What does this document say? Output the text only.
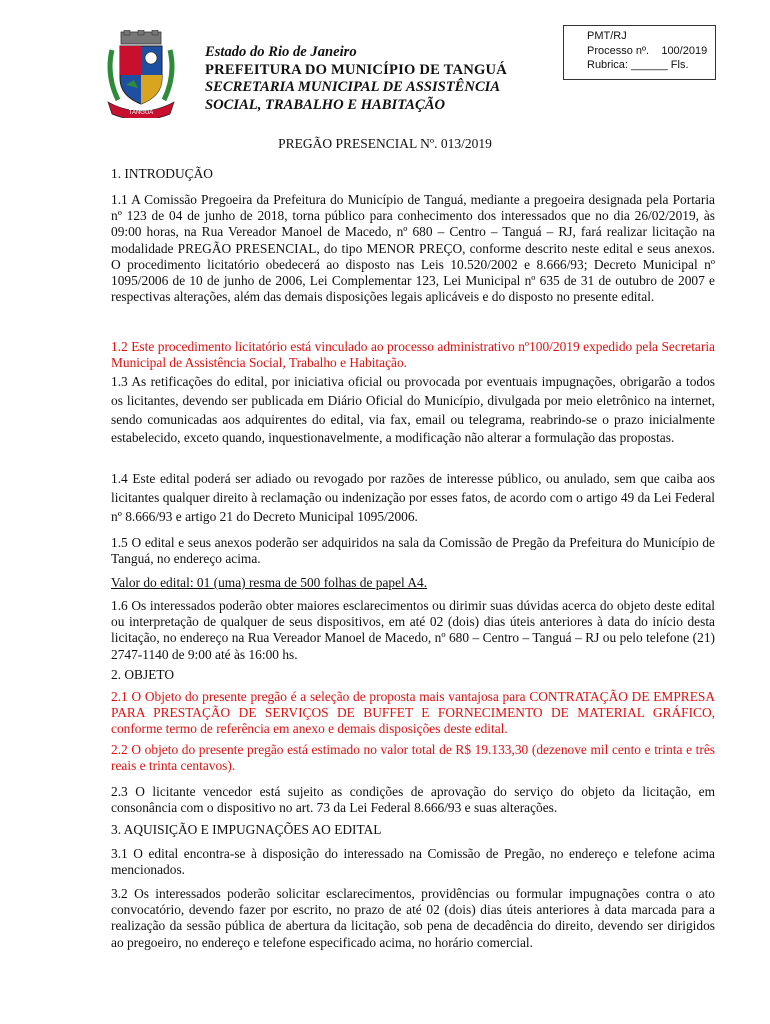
TANGUÁ
Estado do Rio de Janeiro
PREFEITURA DO MUNICÍPIO DE TANGUÁ
SECRETARIA MUNICIPAL DE ASSISTÊNCIA
SOCIAL, TRABALHO E HABITAÇÃO
PMT/RJ
Processo nº.    100/2019
Rubrica: ______ Fls.
PREGÃO PRESENCIAL Nº. 013/2019
1. INTRODUÇÃO
1.1 A Comissão Pregoeira da Prefeitura do Município de Tanguá, mediante a pregoeira designada pela Portaria nº 123 de 04 de junho de 2018, torna público para conhecimento dos interessados que no dia 26/02/2019, às 09:00 horas, na Rua Vereador Manoel de Macedo, nº 680 – Centro – Tanguá – RJ, fará realizar licitação na modalidade PREGÃO PRESENCIAL, do tipo MENOR PREÇO, conforme descrito neste edital e seus anexos. O procedimento licitatório obedecerá ao disposto nas Leis 10.520/2002 e 8.666/93; Decreto Municipal nº 1095/2006 de 10 de junho de 2006, Lei Complementar 123, Lei Municipal nº 635 de 31 de outubro de 2007 e respectivas alterações, além das demais disposições legais aplicáveis e do disposto no presente edital.
1.2 Este procedimento licitatório está vinculado ao processo administrativo nº100/2019 expedido pela Secretaria Municipal de Assistência Social, Trabalho e Habitação.
1.3 As retificações do edital, por iniciativa oficial ou provocada por eventuais impugnações, obrigarão a todos os licitantes, devendo ser publicada em Diário Oficial do Município, divulgada por meio eletrônico na internet, sendo comunicadas aos adquirentes do edital, via fax, email ou telegrama, reabrindo-se o prazo inicialmente estabelecido, exceto quando, inquestionavelmente, a modificação não alterar a formulação das propostas.
1.4 Este edital poderá ser adiado ou revogado por razões de interesse público, ou anulado, sem que caiba aos licitantes qualquer direito à reclamação ou indenização por esses fatos, de acordo com o artigo 49 da Lei Federal nº 8.666/93 e artigo 21 do Decreto Municipal 1095/2006.
1.5 O edital e seus anexos poderão ser adquiridos na sala da Comissão de Pregão da Prefeitura do Município de Tanguá, no endereço acima.
Valor do edital: 01 (uma) resma de 500 folhas de papel A4.
1.6 Os interessados poderão obter maiores esclarecimentos ou dirimir suas dúvidas acerca do objeto deste edital ou interpretação de qualquer de seus dispositivos, em até 02 (dois) dias úteis anteriores à data do início desta licitação, no endereço na Rua Vereador Manoel de Macedo, nº 680 – Centro – Tanguá – RJ ou pelo telefone (21) 2747-1140 de 9:00 até às 16:00 hs.
2. OBJETO
2.1 O Objeto do presente pregão é a seleção de proposta mais vantajosa para CONTRATAÇÃO DE EMPRESA PARA PRESTAÇÃO DE SERVIÇOS DE BUFFET E FORNECIMENTO DE MATERIAL GRÁFICO, conforme termo de referência em anexo e demais disposições deste edital.
2.2 O objeto do presente pregão está estimado no valor total de R$ 19.133,30 (dezenove mil cento e trinta e três reais e trinta centavos).
2.3 O licitante vencedor está sujeito as condições de aprovação do serviço do objeto da licitação, em consonância com o dispositivo no art. 73 da Lei Federal 8.666/93 e suas alterações.
3. AQUISIÇÃO E IMPUGNAÇÕES AO EDITAL
3.1 O edital encontra-se à disposição do interessado na Comissão de Pregão, no endereço e telefone acima mencionados.
3.2 Os interessados poderão solicitar esclarecimentos, providências ou formular impugnações contra o ato convocatório, devendo fazer por escrito, no prazo de até 02 (dois) dias úteis anteriores à data marcada para a realização da sessão pública de abertura da licitação, sob pena de decadência do direito, devendo ser dirigidos ao pregoeiro, no endereço e telefone especificado acima, no horário comercial.
